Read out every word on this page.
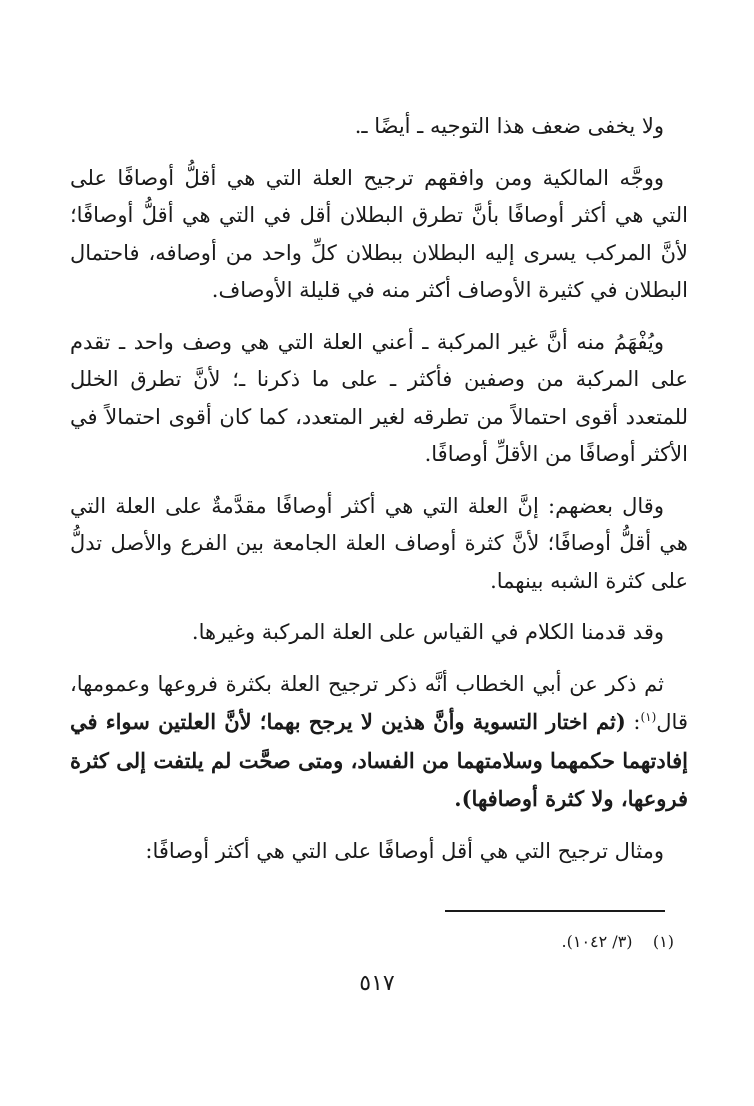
ولا يخفى ضعف هذا التوجيه ـ أيضًا ـ.

ووجَّه المالكية ومن وافقهم ترجيح العلة التي هي أقلُّ أوصافًا على التي هي أكثر أوصافًا بأنَّ تطرق البطلان أقل في التي هي أقلُّ أوصافًا؛ لأنَّ المركب يسرى إليه البطلان ببطلان كلِّ واحد من أوصافه، فاحتمال البطلان في كثيرة الأوصاف أكثر منه في قليلة الأوصاف.

ويُفْهَمُ منه أنَّ غير المركبة ـ أعني العلة التي هي وصف واحد ـ تقدم على المركبة من وصفين فأكثر ـ على ما ذكرنا ـ؛ لأنَّ تطرق الخلل للمتعدد أقوى احتمالاً من تطرقه لغير المتعدد، كما كان أقوى احتمالاً في الأكثر أوصافًا من الأقلِّ أوصافًا.

وقال بعضهم: إنَّ العلة التي هي أكثر أوصافًا مقدَّمةٌ على العلة التي هي أقلُّ أوصافًا؛ لأنَّ كثرة أوصاف العلة الجامعة بين الفرع والأصل تدلُّ على كثرة الشبه بينهما.

وقد قدمنا الكلام في القياس على العلة المركبة وغيرها.

ثم ذكر عن أبي الخطاب أنَّه ذكر ترجيح العلة بكثرة فروعها وعمومها، قال$^{(١)}$: (ثم اختار التسوية وأنَّ هذين لا يرجح بهما؛ لأنَّ العلتين سواء في إفادتهما حكمهما وسلامتهما من الفساد، ومتى صحَّت لم يلتفت إلى كثرة فروعها، ولا كثرة أوصافها).

ومثال ترجيح التي هي أقل أوصافًا على التي هي أكثر أوصافًا:

(١)    (٣/ ١٠٤٢).
٥١٧
